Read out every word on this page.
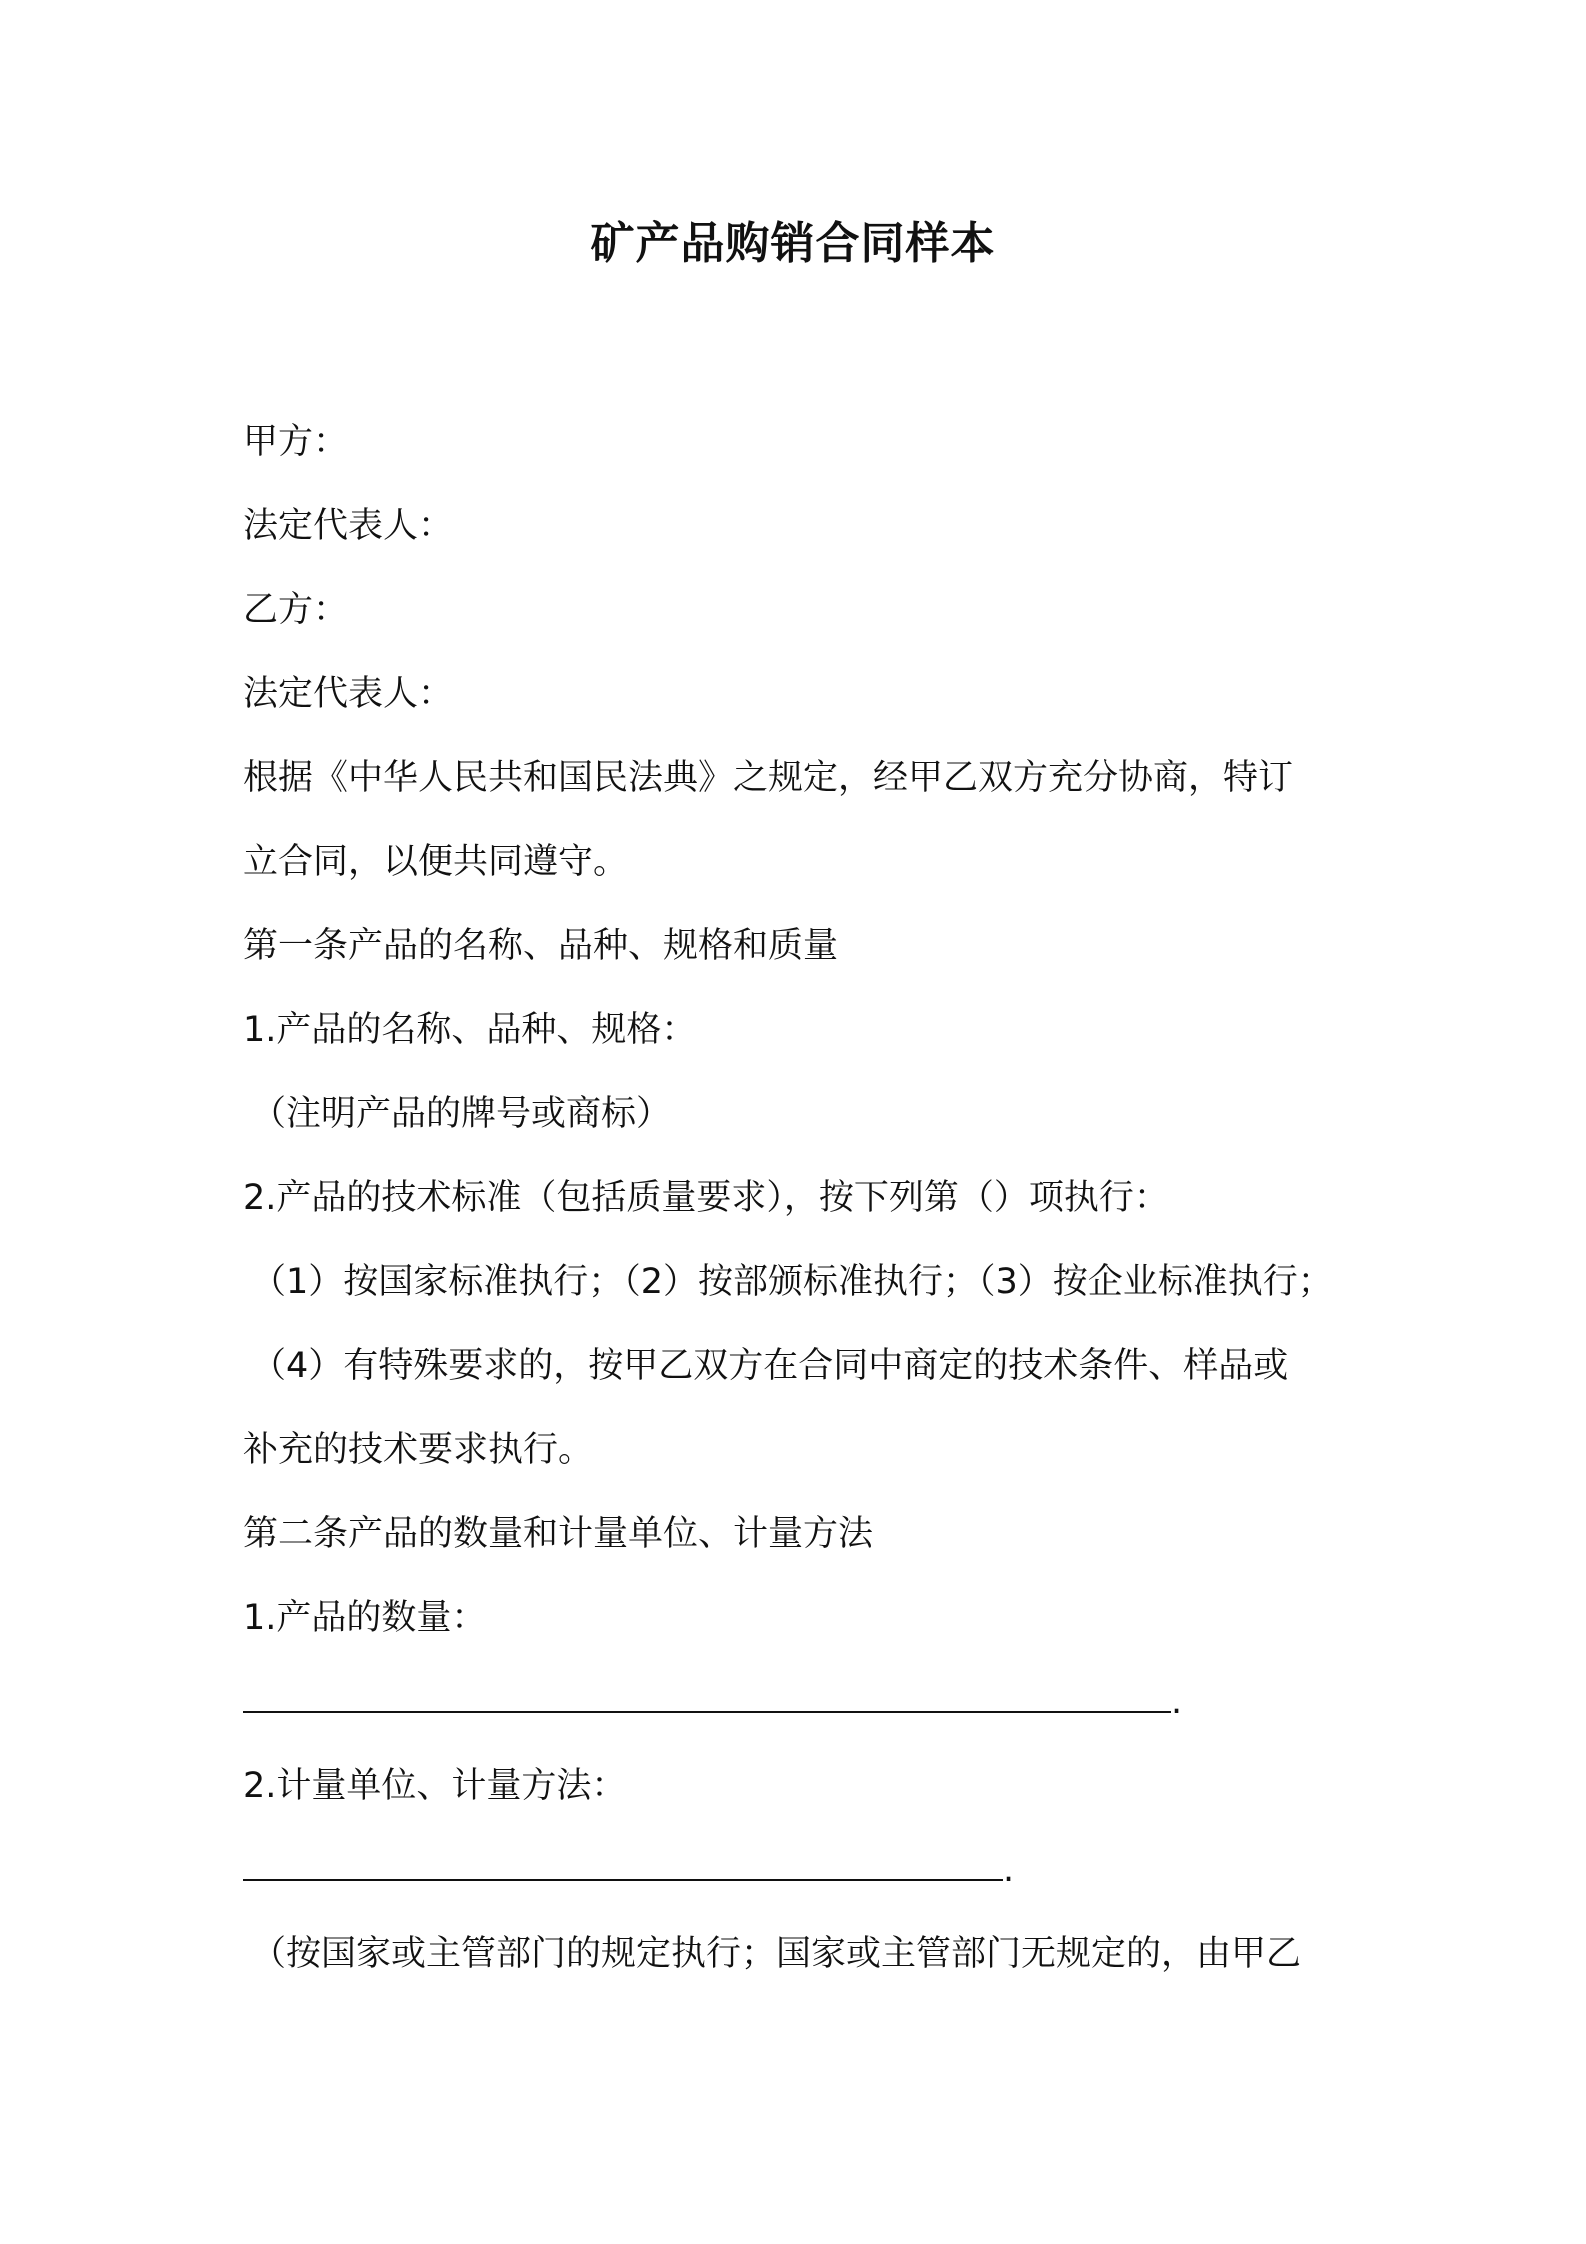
矿产品购销合同样本
甲方：
法定代表人：
乙方：
法定代表人：
根据《中华人民共和国民法典》之规定，经甲乙双方充分协商，特订
立合同，以便共同遵守。
第一条产品的名称、品种、规格和质量
1.产品的名称、品种、规格：
（注明产品的牌号或商标）
2.产品的技术标准（包括质量要求），按下列第（）项执行：
（1）按国家标准执行；（2）按部颁标准执行；（3）按企业标准执行；
（4）有特殊要求的，按甲乙双方在合同中商定的技术条件、样品或
补充的技术要求执行。
第二条产品的数量和计量单位、计量方法
1.产品的数量：
.
2.计量单位、计量方法：
.
（按国家或主管部门的规定执行；国家或主管部门无规定的，由甲乙
